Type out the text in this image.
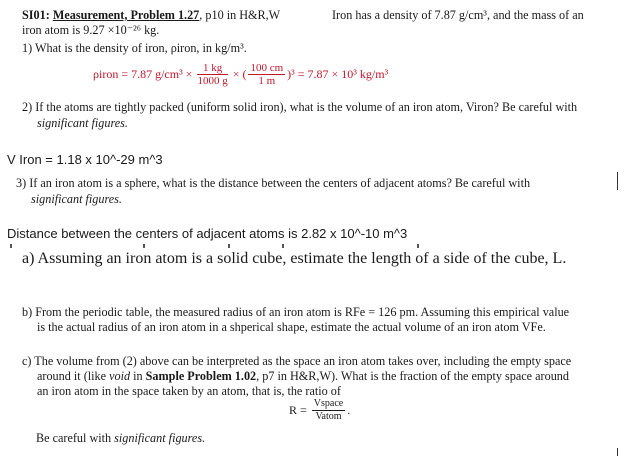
SI01: Measurement, Problem 1.27, p10 in H&R,W	Iron has a density of 7.87 g/cm³, and the mass of an
iron atom is 9.27 ×10⁻²⁶ kg.
1) What is the density of iron, ρiron, in kg/m³.
ρiron = 7.87 $g/cm^3 \times \frac{1 kg}{1000 g}$ × ( $\frac{100 cm}{1 m} )^3 = 7.87 \times 10^3$ kg/m³
2) If the atoms are tightly packed (uniform solid iron), what is the volume of an iron atom, Viron? Be careful with
significant figures.
V Iron = 1.18 x 10^-29 m^3
3) If an iron atom is a sphere, what is the distance between the centers of adjacent atoms? Be careful with
significant figures.
Distance between the centers of adjacent atoms is 2.82 x 10^-10 m^3
a) Assuming an iron atom is a solid cube, estimate the length of a side of the cube, L.
b) From the periodic table, the measured radius of an iron atom is RFe = 126 pm. Assuming this empirical value
is the actual radius of an iron atom in a shperical shape, estimate the actual volume of an iron atom VFe.
c) The volume from (2) above can be interpreted as the space an iron atom takes over, including the empty space
around it (like void in Sample Problem 1.02, p7 in H&R,W). What is the fraction of the empty space around
an iron atom in the space taken by an atom, that is, the ratio of
$R = \frac{\text{Vspace}}{\text{Vatom}}$ .
Be careful with significant figures.
